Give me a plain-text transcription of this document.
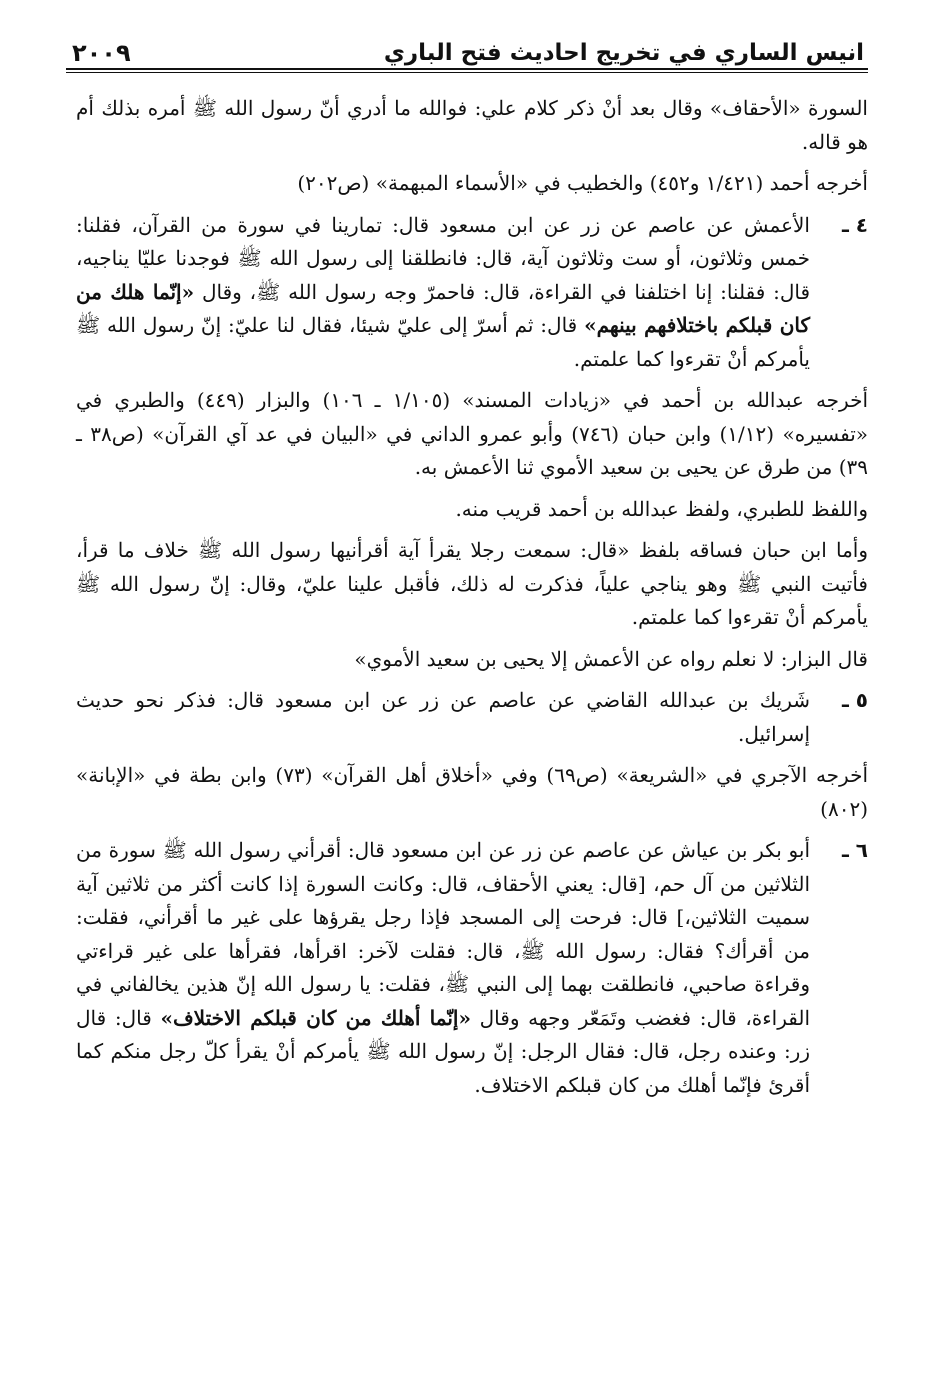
انيس الساري في تخريج احاديث فتح الباري
٢٠٠٩

السورة «الأحقاف» وقال بعد أنْ ذكر كلام علي: فوالله ما أدري أنّ رسول الله ﷺ أمره بذلك أم هو قاله.

أخرجه أحمد (١/٤٢١ و٤٥٢) والخطيب في «الأسماء المبهمة» (ص٢٠٢)

٤ ـ
الأعمش عن عاصم عن زر عن ابن مسعود قال: تمارينا في سورة من القرآن، فقلنا: خمس وثلاثون، أو ست وثلاثون آية، قال: فانطلقنا إلى رسول الله ﷺ فوجدنا عليّا يناجيه، قال: فقلنا: إنا اختلفنا في القراءة، قال: فاحمرّ وجه رسول الله ﷺ، وقال «إنّما هلك من كان قبلكم باختلافهم بينهم» قال: ثم أسرّ إلى عليّ شيئا، فقال لنا عليّ: إنّ رسول الله ﷺ يأمركم أنْ تقرءوا كما علمتم.

أخرجه عبدالله بن أحمد في «زيادات المسند» (١/١٠٥ ـ ١٠٦) والبزار (٤٤٩) والطبري في «تفسيره» (١/١٢) وابن حبان (٧٤٦) وأبو عمرو الداني في «البيان في عد آي القرآن» (ص٣٨ ـ ٣٩) من طرق عن يحيى بن سعيد الأموي ثنا الأعمش به.

واللفظ للطبري، ولفظ عبدالله بن أحمد قريب منه.

وأما ابن حبان فساقه بلفظ «قال: سمعت رجلا يقرأ آية أقرأنيها رسول الله ﷺ خلاف ما قرأ، فأتيت النبي ﷺ وهو يناجي علياً، فذكرت له ذلك، فأقبل علينا عليّ، وقال: إنّ رسول الله ﷺ يأمركم أنْ تقرءوا كما علمتم.

قال البزار: لا نعلم رواه عن الأعمش إلا يحيى بن سعيد الأموي»

٥ ـ
شَريك بن عبدالله القاضي عن عاصم عن زر عن ابن مسعود قال: فذكر نحو حديث إسرائيل.

أخرجه الآجري في «الشريعة» (ص٦٩) وفي «أخلاق أهل القرآن» (٧٣) وابن بطة في «الإبانة» (٨٠٢)

٦ ـ
أبو بكر بن عياش عن عاصم عن زر عن ابن مسعود قال: أقرأني رسول الله ﷺ سورة من الثلاثين من آل حم، [قال: يعني الأحقاف، قال: وكانت السورة إذا كانت أكثر من ثلاثين آية سميت الثلاثين،] قال: فرحت إلى المسجد فإذا رجل يقرؤها على غير ما أقرأني، فقلت: من أقرأك؟ فقال: رسول الله ﷺ، قال: فقلت لآخر: اقرأها، فقرأها على غير قراءتي وقراءة صاحبي، فانطلقت بهما إلى النبي ﷺ، فقلت: يا رسول الله إنّ هذين يخالفاني في القراءة، قال: فغضب وتَمَعّر وجهه وقال «إنّما أهلك من كان قبلكم الاختلاف» قال: قال زر: وعنده رجل، قال: فقال الرجل: إنّ رسول الله ﷺ يأمركم أنْ يقرأ كلّ رجل منكم كما أقرئ فإنّما أهلك من كان قبلكم الاختلاف.
